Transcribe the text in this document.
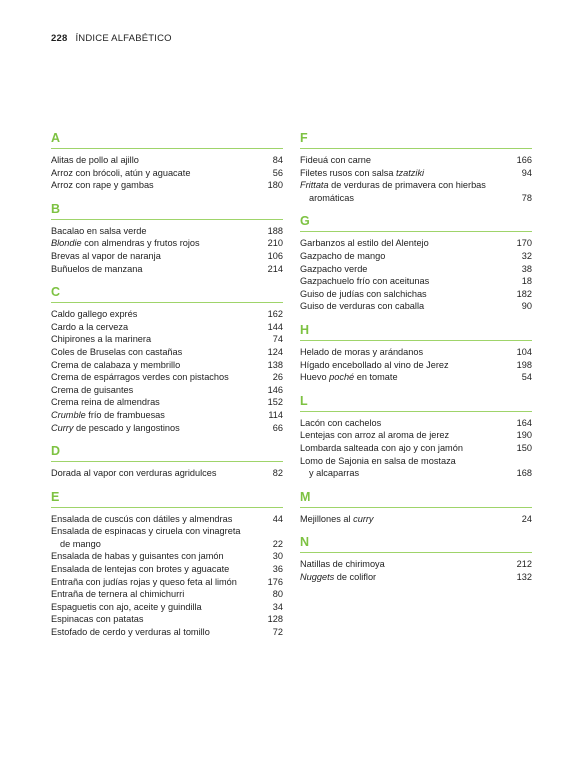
228 ÍNDICE ALFABÉTICO
A
Alitas de pollo al ajillo	84
Arroz con brócoli, atún y aguacate	56
Arroz con rape y gambas	180
B
Bacalao en salsa verde	188
Blondie con almendras y frutos rojos	210
Brevas al vapor de naranja	106
Buñuelos de manzana	214
C
Caldo gallego exprés	162
Cardo a la cerveza	144
Chipirones a la marinera	74
Coles de Bruselas con castañas	124
Crema de calabaza y membrillo	138
Crema de espárragos verdes con pistachos	26
Crema de guisantes	146
Crema reina de almendras	152
Crumble frío de frambuesas	114
Curry de pescado y langostinos	66
D
Dorada al vapor con verduras agridulces	82
E
Ensalada de cuscús con dátiles y almendras	44
Ensalada de espinacas y ciruela con vinagreta
de mango	22
Ensalada de habas y guisantes con jamón	30
Ensalada de lentejas con brotes y aguacate	36
Entraña con judías rojas y queso feta al limón	176
Entraña de ternera al chimichurri	80
Espaguetis con ajo, aceite y guindilla	34
Espinacas con patatas	128
Estofado de cerdo y verduras al tomillo	72
F
Fideuá con carne	166
Filetes rusos con salsa tzatziki	94
Frittata de verduras de primavera con hierbas
aromáticas	78
G
Garbanzos al estilo del Alentejo	170
Gazpacho de mango	32
Gazpacho verde	38
Gazpachuelo frío con aceitunas	18
Guiso de judías con salchichas	182
Guiso de verduras con caballa	90
H
Helado de moras y arándanos	104
Hígado encebollado al vino de Jerez	198
Huevo poché en tomate	54
L
Lacón con cachelos	164
Lentejas con arroz al aroma de jerez	190
Lombarda salteada con ajo y con jamón	150
Lomo de Sajonia en salsa de mostaza
y alcaparras	168
M
Mejillones al curry	24
N
Natillas de chirimoya	212
Nuggets de coliflor	132
